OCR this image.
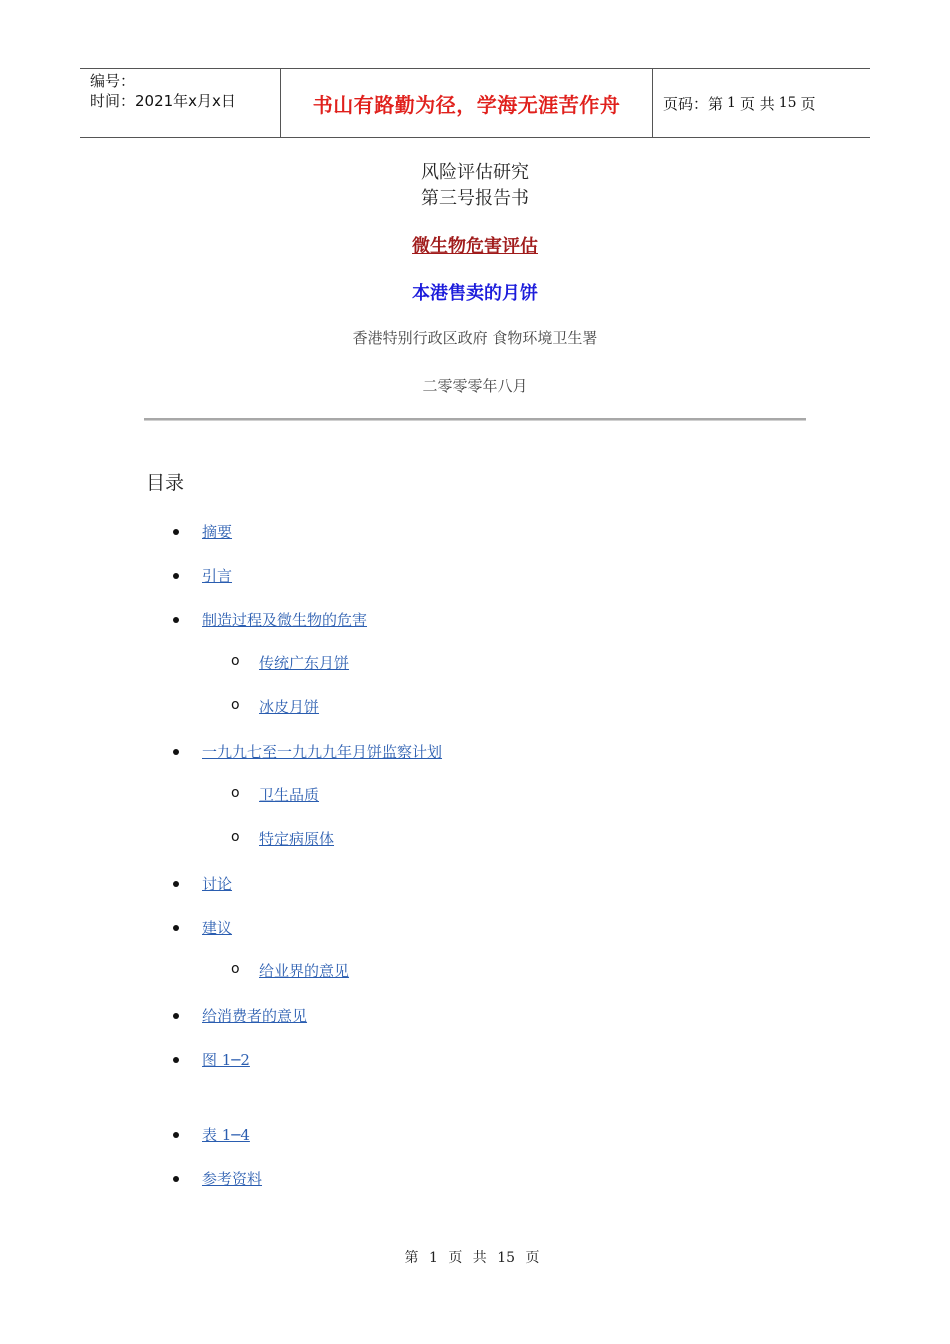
编号：
时间：2021年x月x日	书山有路勤为径，学海无涯苦作舟	页码：第 1 页 共 15 页
风险评估研究
第三号报告书
微生物危害评估
本港售卖的月饼
香港特别行政区政府 食物环境卫生署
二零零零年八月
目录
摘要
引言
制造过程及微生物的危害
o 传统广东月饼
o 冰皮月饼
一九九七至一九九九年月饼监察计划
o 卫生品质
o 特定病原体
讨论
建议
o 给业界的意见
给消费者的意见
图 1─2
表 1─4
参考资料
第 1 页 共 15 页
